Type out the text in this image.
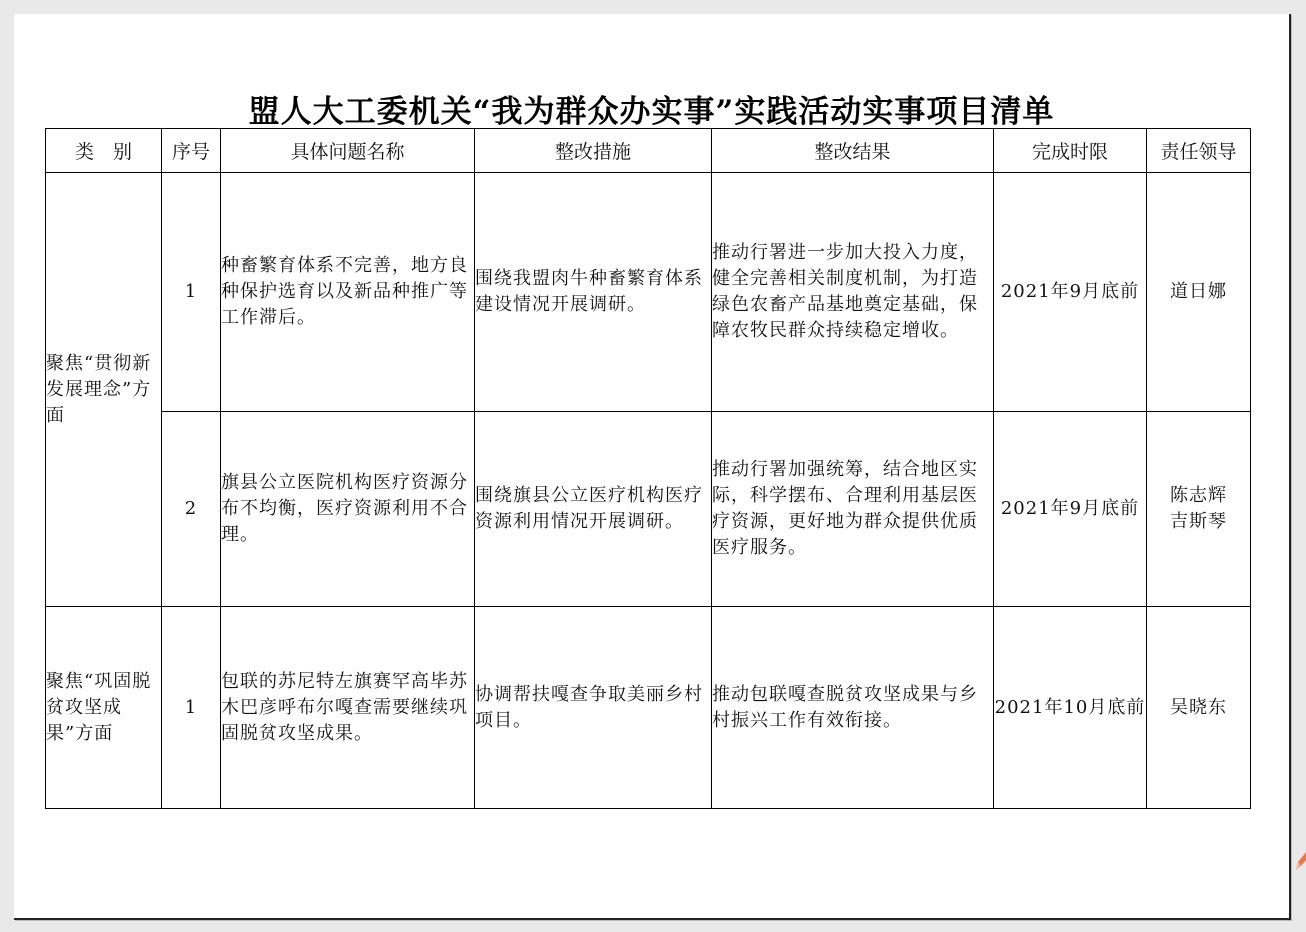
盟人大工委机关“我为群众办实事”实践活动实事项目清单
类　别	序号	具体问题名称	整改措施	整改结果	完成时限	责任领导
聚焦“贯彻新发展理念”方面	1	种畜繁育体系不完善，地方良种保护选育以及新品种推广等工作滞后。	围绕我盟肉牛种畜繁育体系建设情况开展调研。	推动行署进一步加大投入力度，健全完善相关制度机制，为打造绿色农畜产品基地奠定基础，保障农牧民群众持续稳定增收。	2021年9月底前	道日娜

	2	旗县公立医院机构医疗资源分布不均衡，医疗资源利用不合理。	围绕旗县公立医疗机构医疗资源利用情况开展调研。	推动行署加强统筹，结合地区实际，科学摆布、合理利用基层医疗资源，更好地为群众提供优质医疗服务。	2021年9月底前	陈志辉
吉斯琴

聚焦“巩固脱贫攻坚成果”方面	1	包联的苏尼特左旗赛罕高毕苏木巴彦呼布尔嘎查需要继续巩固脱贫攻坚成果。	协调帮扶嘎查争取美丽乡村项目。	推动包联嘎查脱贫攻坚成果与乡村振兴工作有效衔接。	2021年10月底前	吴晓东
